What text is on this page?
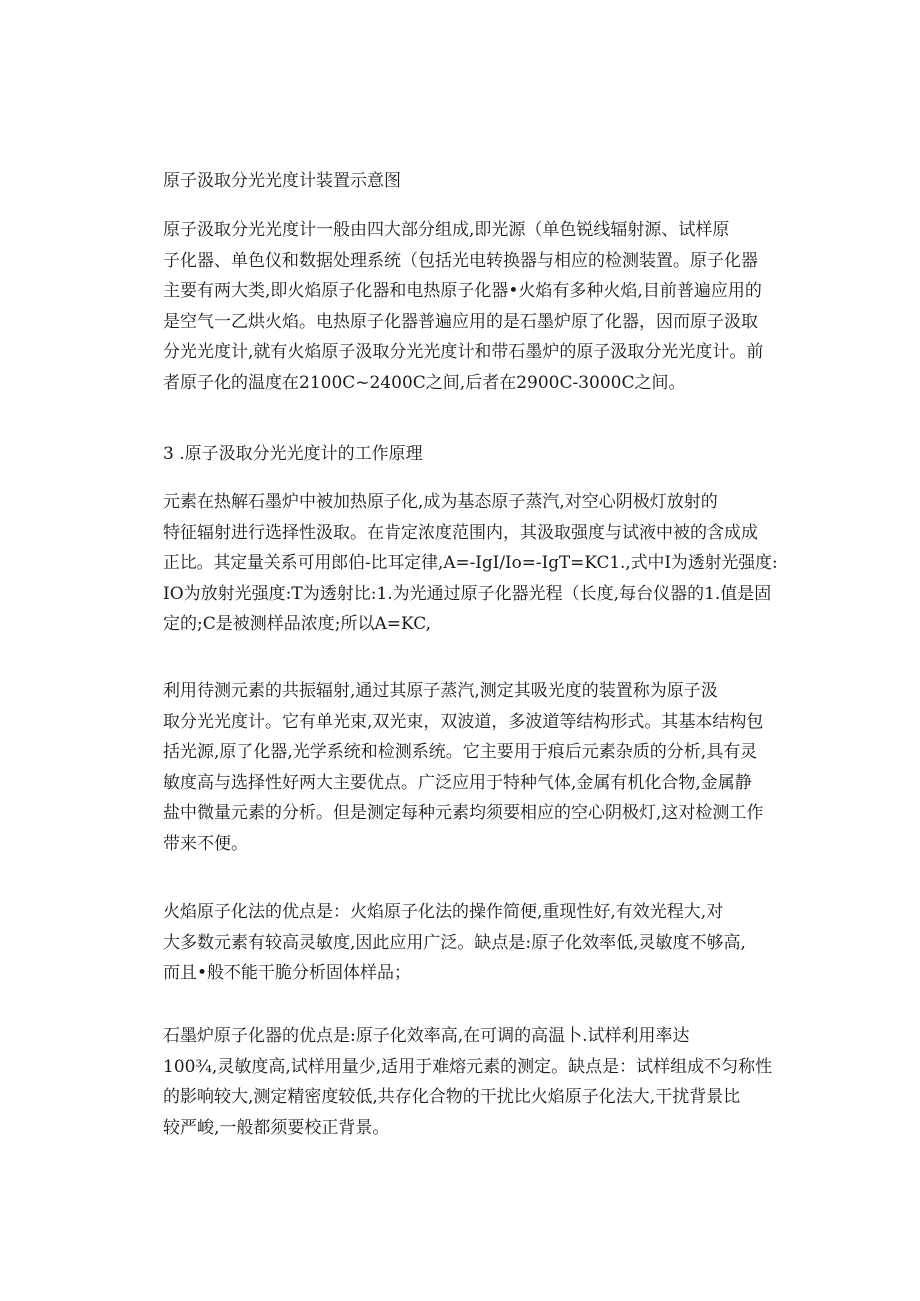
原子汲取分光光度计装置示意图

原子汲取分光光度计一般由四大部分组成,即光源（单色锐线辐射源、试样原
子化器、单色仪和数据处理系统（包括光电转换器与相应的检测装置。原子化器
主要有两大类,即火焰原子化器和电热原子化器•火焰有多种火焰,目前普遍应用的
是空气一乙烘火焰。电热原子化器普遍应用的是石墨炉原了化器，因而原子汲取
分光光度计,就有火焰原子汲取分光光度计和带石墨炉的原子汲取分光光度计。前
者原子化的温度在2100C~2400C之间,后者在2900C-3000C之间。

3 .原子汲取分光光度计的工作原理

元素在热解石墨炉中被加热原子化,成为基态原子蒸汽,对空心阴极灯放射的
特征辐射进行选择性汲取。在肯定浓度范围内，其汲取强度与试液中被的含成成
正比。其定量关系可用郎伯-比耳定律,A=-IgI/Io=-IgT=KC1.,式中I为透射光强度:
IO为放射光强度:T为透射比:1.为光通过原子化器光程（长度,每台仪器的1.值是固
定的;C是被测样品浓度;所以A=KC,
利用待测元素的共振辐射,通过其原子蒸汽,测定其吸光度的装置称为原子汲
取分光光度计。它有单光束,双光束，双波道，多波道等结构形式。其基本结构包
括光源,原了化器,光学系统和检测系统。它主要用于痕后元素杂质的分析,具有灵
敏度高与选择性好两大主要优点。广泛应用于特种气体,金属有机化合物,金属静
盐中微量元素的分析。但是测定每种元素均须要相应的空心阴极灯,这对检测工作
带来不便。
火焰原子化法的优点是：火焰原子化法的操作简便,重现性好,有效光程大,对
大多数元素有较高灵敏度,因此应用广泛。缺点是:原子化效率低,灵敏度不够高,
而且•般不能干脆分析固体样品；
石墨炉原子化器的优点是:原子化效率高,在可调的高温卜.试样利用率达
100¾,灵敏度高,试样用量少,适用于难熔元素的测定。缺点是：试样组成不匀称性
的影响较大,测定精密度较低,共存化合物的干扰比火焰原子化法大,干扰背景比
较严峻,一般都须要校正背景。
